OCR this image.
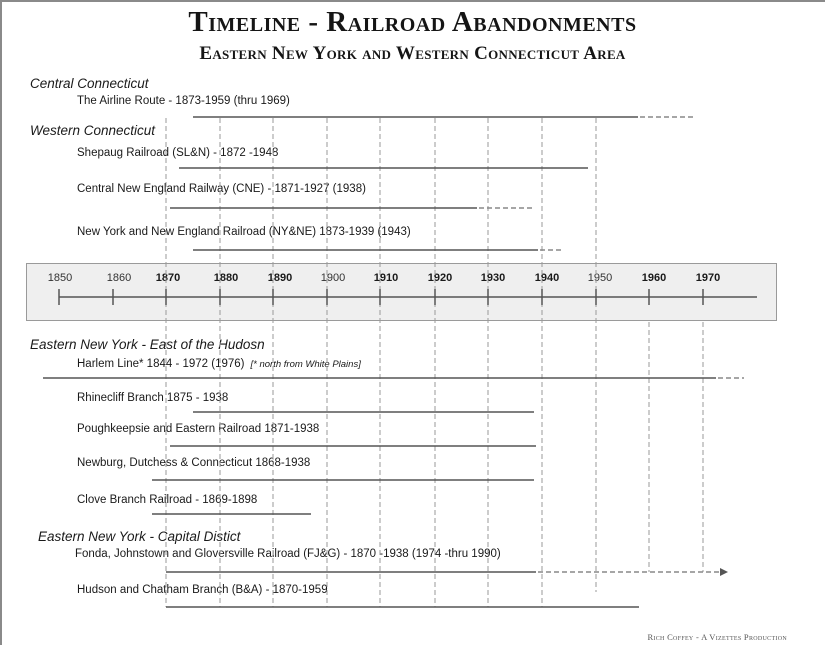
Timeline - Railroad Abandonments
Eastern New York and Western Connecticut Area
Central Connecticut
Western Connecticut
Eastern New York - East of the Hudosn
Eastern New York - Capital Distict
The Airline Route - 1873-1959 (thru 1969)
Shepaug Railroad (SL&N) - 1872 -1948
Central New England Railway (CNE) - 1871-1927 (1938)
New York and New England Railroad (NY&NE) 1873-1939 (1943)
Harlem Line* 1844 - 1972 (1976) [* north from White Plains]
Rhinecliff Branch 1875 - 1938
Poughkeepsie and Eastern Railroad 1871-1938
Newburg, Dutchess & Connecticut 1868-1938
Clove Branch Railroad - 1869-1898
Fonda, Johnstown and Gloversville Railroad (FJ&G) - 1870 -1938 (1974 -thru 1990)
Hudson and Chatham Branch (B&A) - 1870-1959
1850	1860 1870	1880	1890	1900	1910	1920	1930	1940	1950	1960	1970
Rich Coffey - A Vizettes Production
